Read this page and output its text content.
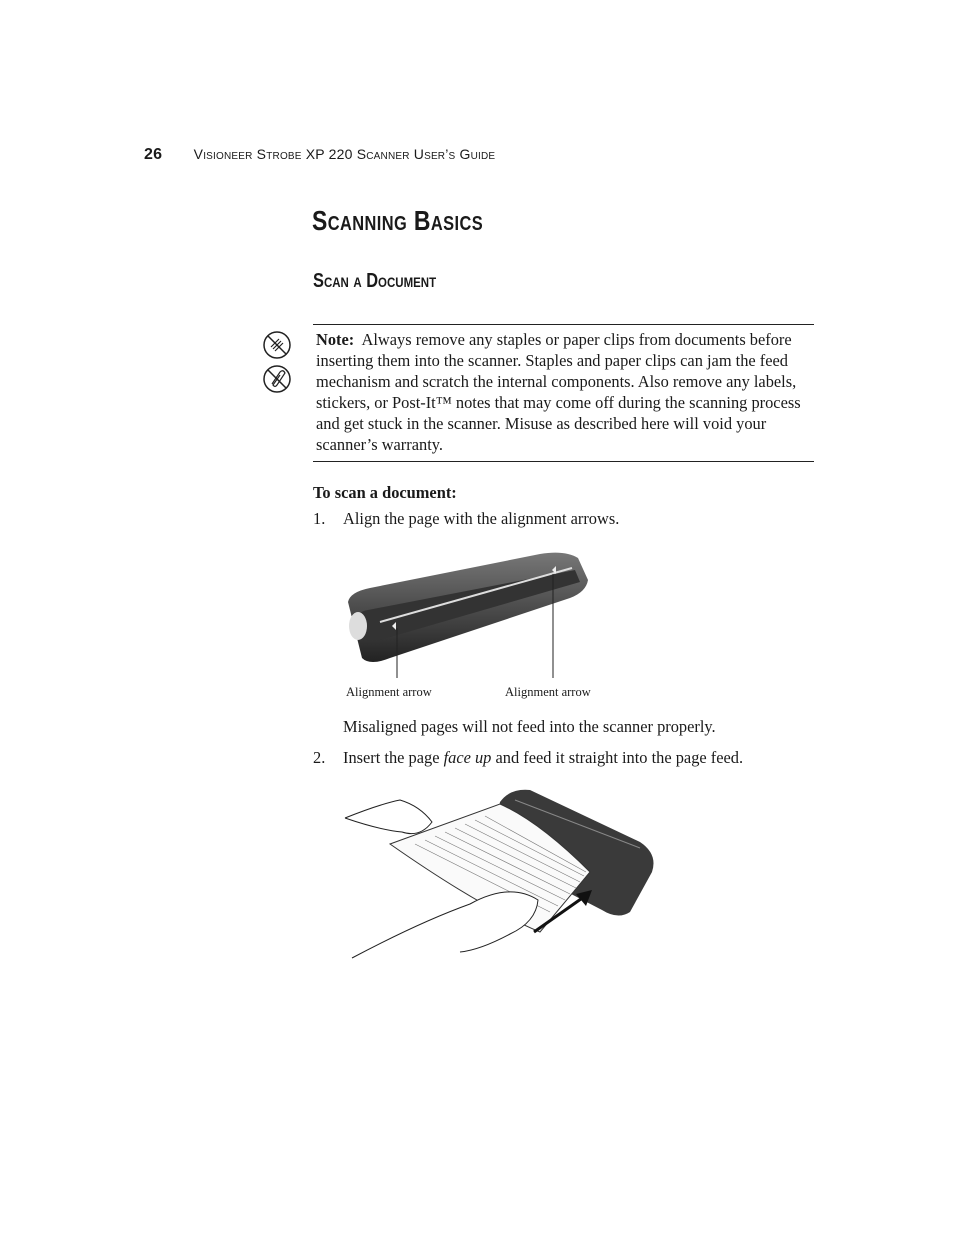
26 Visioneer Strobe XP 220 Scanner User’s Guide
Scanning Basics
Scan a Document
Note: Always remove any staples or paper clips from documents before inserting them into the scanner. Staples and paper clips can jam the feed mechanism and scratch the internal components. Also remove any labels, stickers, or Post-It™ notes that may come off during the scanning process and get stuck in the scanner. Misuse as described here will void your scanner’s warranty.
To scan a document:
1. Align the page with the alignment arrows.
Alignment arrow	Alignment arrow
Misaligned pages will not feed into the scanner properly.
2. Insert the page face up and feed it straight into the page feed.
